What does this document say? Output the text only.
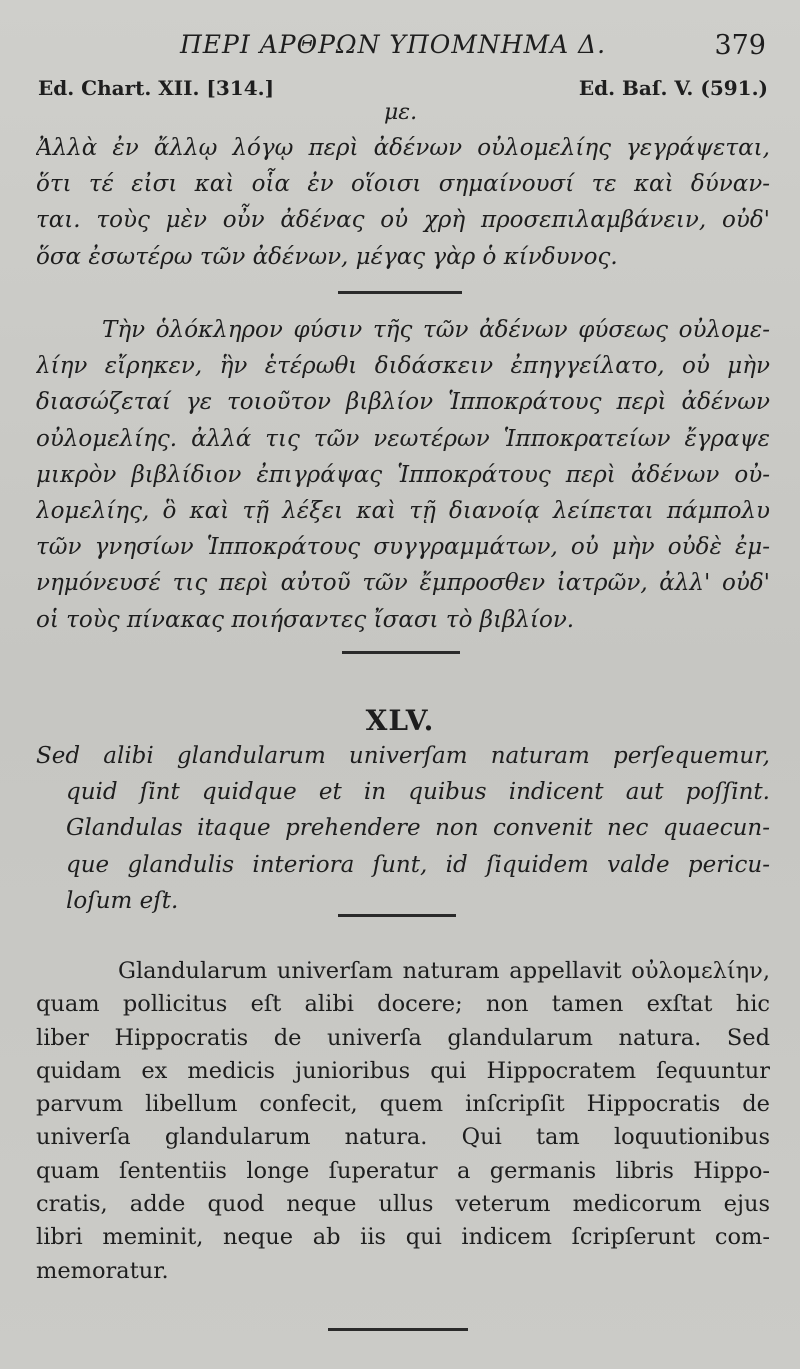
ΠΕΡΙ ΑΡΘΡΩΝ ΥΠΟΜΝΗΜΑ Δ.	379
Ed. Chart. XII. [314.]	Ed. Baſ. V. (591.)
με.
Ἀλλὰ ἐν ἄλλῳ λόγῳ περὶ ἀδένων οὐλομελίης γεγράψεται,
ὅτι τέ εἰσι καὶ οἷα ἐν οἵοισι σημαίνουσί τε καὶ δύναν-
ται. τοὺς μὲν οὖν ἀδένας οὐ χρὴ προσεπιλαμβάνειν, οὐδ'
ὅσα ἐσωτέρω τῶν ἀδένων, μέγας γὰρ ὁ κίνδυνος.
Τὴν ὁλόκληρον φύσιν τῆς τῶν ἀδένων φύσεως οὐλομε-
λίην εἴρηκεν, ἣν ἑτέρωθι διδάσκειν ἐπηγγείλατο, οὐ μὴν
διασώζεταί γε τοιοῦτον βιβλίον Ἱπποκράτους περὶ ἀδένων
οὐλομελίης. ἀλλά τις τῶν νεωτέρων Ἱπποκρατείων ἔγραψε
μικρὸν βιβλίδιον ἐπιγράψας Ἱπποκράτους περὶ ἀδένων οὐ-
λομελίης, ὃ καὶ τῇ λέξει καὶ τῇ διανοίᾳ λείπεται πάμπολυ
τῶν γνησίων Ἱπποκράτους συγγραμμάτων, οὐ μὴν οὐδὲ ἐμ-
νημόνευσέ τις περὶ αὐτοῦ τῶν ἔμπροσθεν ἰατρῶν, ἀλλ' οὐδ'
οἱ τοὺς πίνακας ποιήσαντες ἴσασι τὸ βιβλίον.
XLV.
Sed alibi glandularum univerſam naturam perſequemur,
quid ſint quidque et in quibus indicent aut poſſint.
Glandulas itaque prehendere non convenit nec quaecun-
que glandulis interiora ſunt, id ſiquidem valde pericu-
loſum eſt.
Glandularum univerſam naturam appellavit οὐλομελίην,
quam pollicitus eſt alibi docere; non tamen exſtat hic
liber Hippocratis de univerſa glandularum natura. Sed
quidam ex medicis junioribus qui Hippocratem ſequuntur
parvum libellum confecit, quem inſcripſit Hippocratis de
univerſa glandularum natura. Qui tam loquutionibus
quam ſententiis longe ſuperatur a germanis libris Hippo-
cratis, adde quod neque ullus veterum medicorum ejus
libri meminit, neque ab iis qui indicem ſcripſerunt com-
memoratur.
